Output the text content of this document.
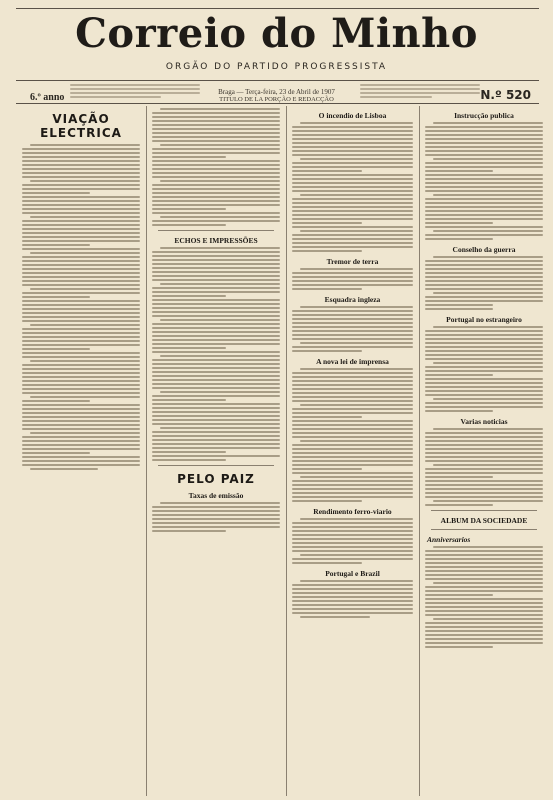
Correio do Minho
ORGÃO DO PARTIDO PROGRESSISTA
6.º anno	N.º 520
Braga — Terça-feira, 23 de Abril de 1907
TITULO DE LA PORÇÃO E REDACÇÃO
VIAÇÃO ELECTRICA
ECHOS E IMPRESSÕES
PELO PAIZ
Taxas de emissão
O incendio de Lisboa
Tremor de terra
Esquadra ingleza
A nova lei de imprensa
Rendimento ferro-viario
Portugal e Brazil
Instrucção publica
Conselho da guerra
Portugal no estrangeiro
Varias noticias
ALBUM DA SOCIEDADE
Anniversarios
